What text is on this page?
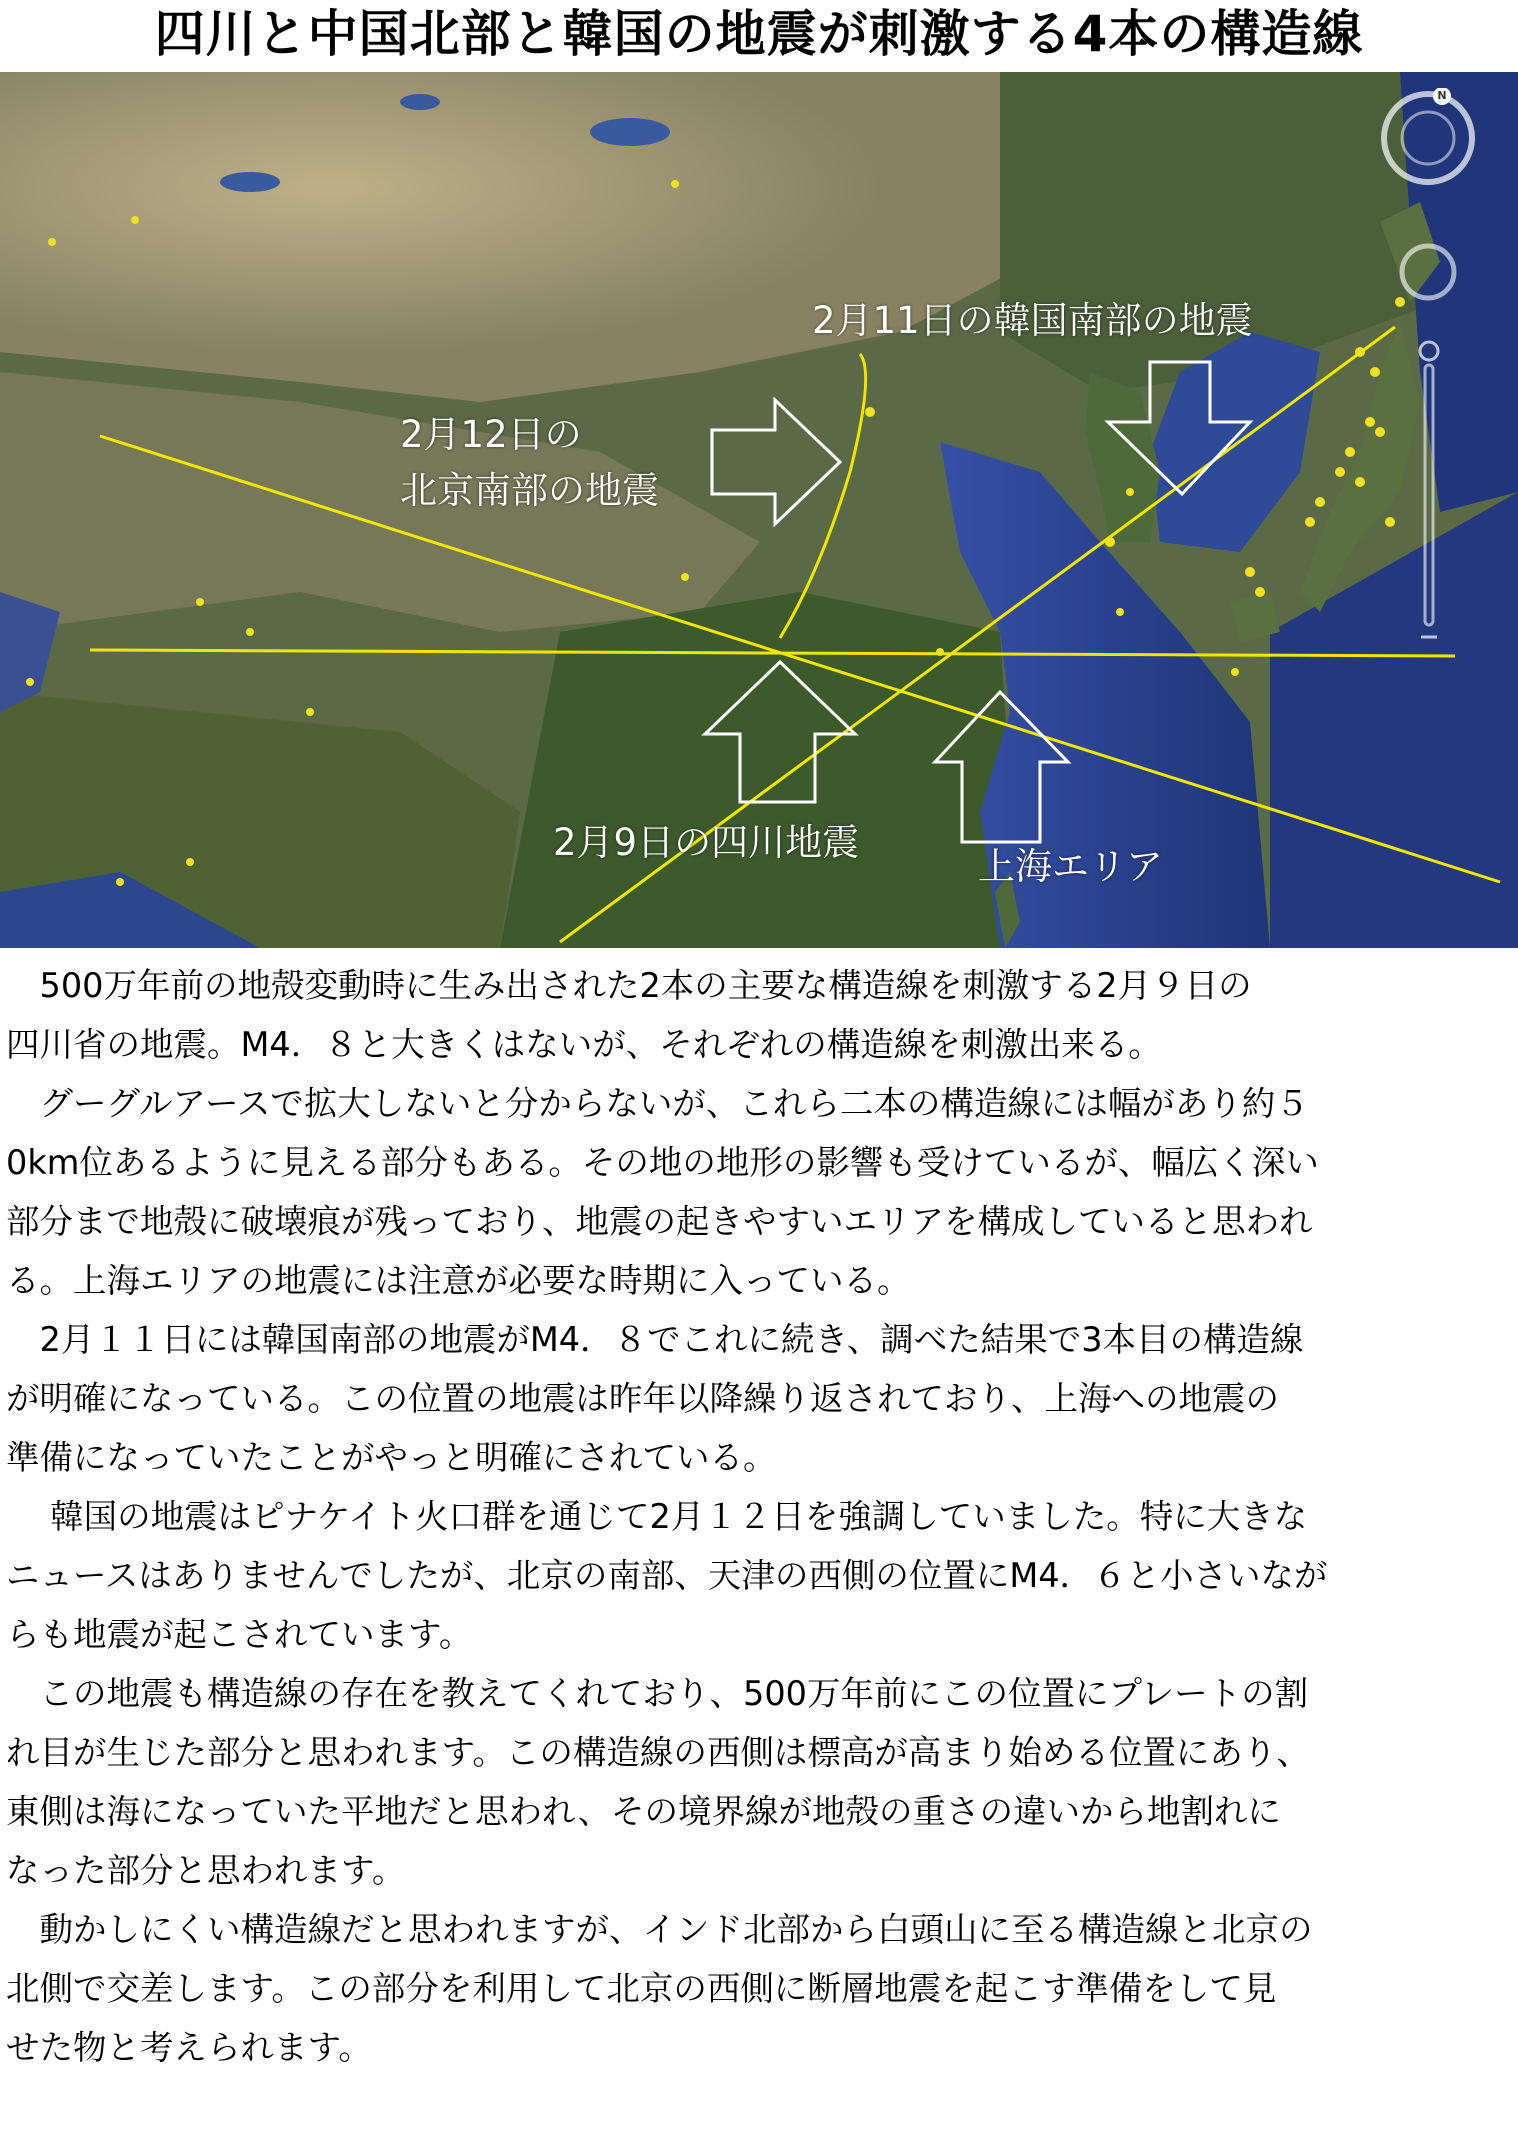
四川と中国北部と韓国の地震が刺激する4本の構造線
2月11日の韓国南部の地震
2月12日の
北京南部の地震
2月9日の四川地震
上海エリア
N

　500万年前の地殻変動時に生み出された2本の主要な構造線を刺激する2月９日の

四川省の地震。M4．８と大きくはないが、それぞれの構造線を刺激出来る。

　グーグルアースで拡大しないと分からないが、これら二本の構造線には幅があり約５

0km位あるように見える部分もある。その地の地形の影響も受けているが、幅広く深い

部分まで地殻に破壊痕が残っており、地震の起きやすいエリアを構成していると思われ

る。上海エリアの地震には注意が必要な時期に入っている。

　2月１１日には韓国南部の地震がM4．８でこれに続き、調べた結果で3本目の構造線

が明確になっている。この位置の地震は昨年以降繰り返されており、上海への地震の

準備になっていたことがやっと明確にされている。

　 韓国の地震はピナケイト火口群を通じて2月１２日を強調していました。特に大きな

ニュースはありませんでしたが、北京の南部、天津の西側の位置にM4．６と小さいなが

らも地震が起こされています。

　この地震も構造線の存在を教えてくれており、500万年前にこの位置にプレートの割

れ目が生じた部分と思われます。この構造線の西側は標高が高まり始める位置にあり、

東側は海になっていた平地だと思われ、その境界線が地殻の重さの違いから地割れに

なった部分と思われます。

　動かしにくい構造線だと思われますが、インド北部から白頭山に至る構造線と北京の

北側で交差します。この部分を利用して北京の西側に断層地震を起こす準備をして見

せた物と考えられます。
